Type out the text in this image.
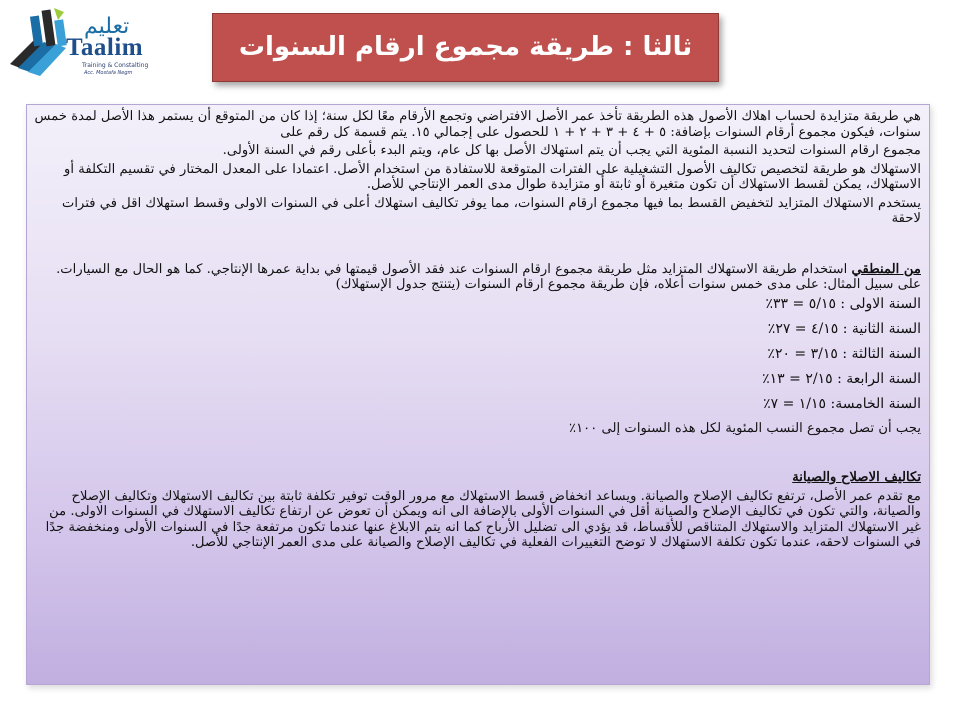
تعليم
Taalim
Training & Constalting
Acc. Mostafa Negm
ثالثا : طريقة مجموع ارقام السنوات

هي طريقة متزايدة لحساب اهلاك الأصول هذه الطريقة تأخذ عمر الأصل الافتراضي وتجمع الأرقام معًا لكل سنة؛ إذا كان من المتوقع أن يستمر هذا الأصل لمدة خمس سنوات، فيكون مجموع أرقام السنوات بإضافة: ٥ + ٤ + ٣ + ٢ + ١ للحصول على إجمالي ١٥. يتم قسمة كل رقم على

مجموع ارقام السنوات لتحديد النسبة المئوية التي يجب أن يتم استهلاك الأصل بها كل عام، ويتم البدء بأعلى رقم في السنة الأولى.

الاستهلاك هو طريقة لتخصيص تكاليف الأصول التشغيلية على الفترات المتوقعة للاستفادة من استخدام الأصل. اعتمادا على المعدل المختار في تقسيم التكلفة أو الاستهلاك، يمكن لقسط الاستهلاك أن تكون متغيرة أو ثابتة أو متزايدة طوال مدى العمر الإنتاجي للأصل.

يستخدم الاستهلاك المتزايد لتخفيض القسط بما فيها مجموع ارقام السنوات، مما يوفر تكاليف استهلاك أعلى في السنوات الاولى وقسط استهلاك اقل في فترات لاحقة

من المنطقي استخدام طريقة الاستهلاك المتزايد مثل طريقة مجموع ارقام السنوات عند فقد الأصول قيمتها في بداية عمرها الإنتاجي. كما هو الحال مع السيارات. على سبيل المثال: على مدى خمس سنوات أعلاه، فإن طريقة مجموع ارقام السنوات (يتنتج جدول الإستهلاك)

السنة الاولى : ٥/١٥ = ٣٣٪

السنة الثانية : ٤/١٥ = ٢٧٪

السنة الثالثة : ٣/١٥ = ٢٠٪

السنة الرابعة : ٢/١٥ = ١٣٪

السنة الخامسة: ١/١٥ = ٧٪

يجب أن تصل مجموع النسب المئوية لكل هذه السنوات إلى ١٠٠٪

تكاليف الاصلاح والصيانة

مع تقدم عمر الأصل، ترتفع تكاليف الإصلاح والصيانة. ويساعد انخفاض قسط الاستهلاك مع مرور الوقت توفير تكلفة ثابتة بين تكاليف الاستهلاك وتكاليف الإصلاح والصيانة، والتي تكون في تكاليف الإصلاح والصيانة أقل في السنوات الأولى بالإضافة الى انه ويمكن أن تعوض عن ارتفاع تكاليف الاستهلاك في السنوات الاولى. من غير الاستهلاك المتزايد والاستهلاك المتناقص للأقساط، قد يؤدي الى تضليل الأرباح كما انه يتم الابلاغ عنها عندما تكون مرتفعة جدًا في السنوات الأولى ومنخفضة جدًا في السنوات لاحقه، عندما تكون تكلفة الاستهلاك لا توضح التغييرات الفعلية في تكاليف الإصلاح والصيانة على مدى العمر الإنتاجي للأصل.
